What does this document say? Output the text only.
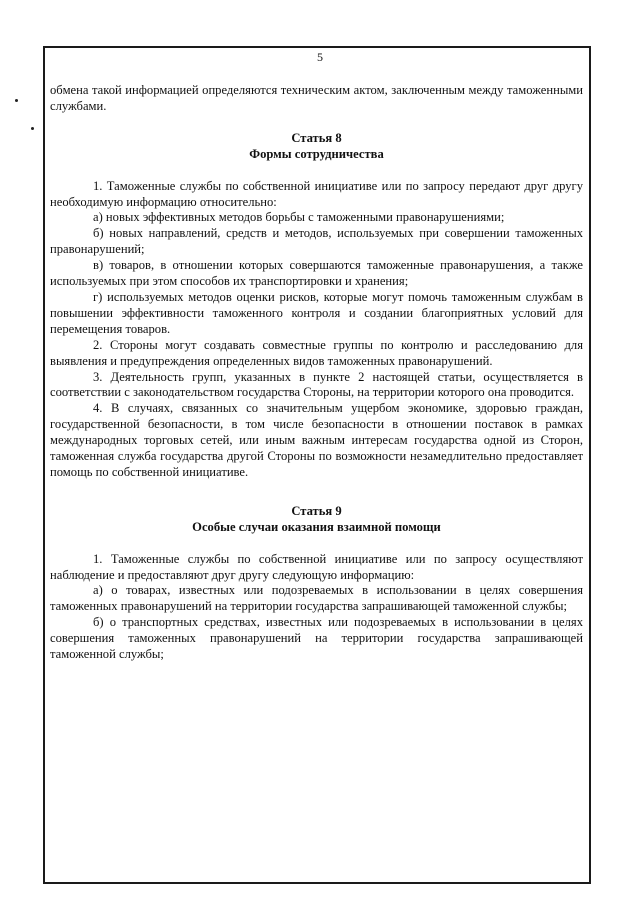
5

обмена такой информацией определяются техническим актом, заключенным между таможенными службами.

Статья 8

Формы сотрудничества

1. Таможенные службы по собственной инициативе или по запросу передают друг другу необходимую информацию относительно:

а) новых эффективных методов борьбы с таможенными правонарушениями;

б) новых направлений, средств и методов, используемых при совершении таможенных правонарушений;

в) товаров, в отношении которых совершаются таможенные правонарушения, а также используемых при этом способов их транспортировки и хранения;

г) используемых методов оценки рисков, которые могут помочь таможенным службам в повышении эффективности таможенного контроля и создании благоприятных условий для перемещения товаров.

2. Стороны могут создавать совместные группы по контролю и расследованию для выявления и предупреждения определенных видов таможенных правонарушений.

3. Деятельность групп, указанных в пункте 2 настоящей статьи, осуществляется в соответствии с законодательством государства Стороны, на территории которого она проводится.

4. В случаях, связанных со значительным ущербом экономике, здоровью граждан, государственной безопасности, в том числе безопасности в отношении поставок в рамках международных торговых сетей, или иным важным интересам государства одной из Сторон, таможенная служба государства другой Стороны по возможности незамедлительно предоставляет помощь по собственной инициативе.

Статья 9

Особые случаи оказания взаимной помощи

1. Таможенные службы по собственной инициативе или по запросу осуществляют наблюдение и предоставляют друг другу следующую информацию:

а) о товарах, известных или подозреваемых в использовании в целях совершения таможенных правонарушений на территории государства запрашивающей таможенной службы;

б) о транспортных средствах, известных или подозреваемых в использовании в целях совершения таможенных правонарушений на территории государства запрашивающей таможенной службы;
